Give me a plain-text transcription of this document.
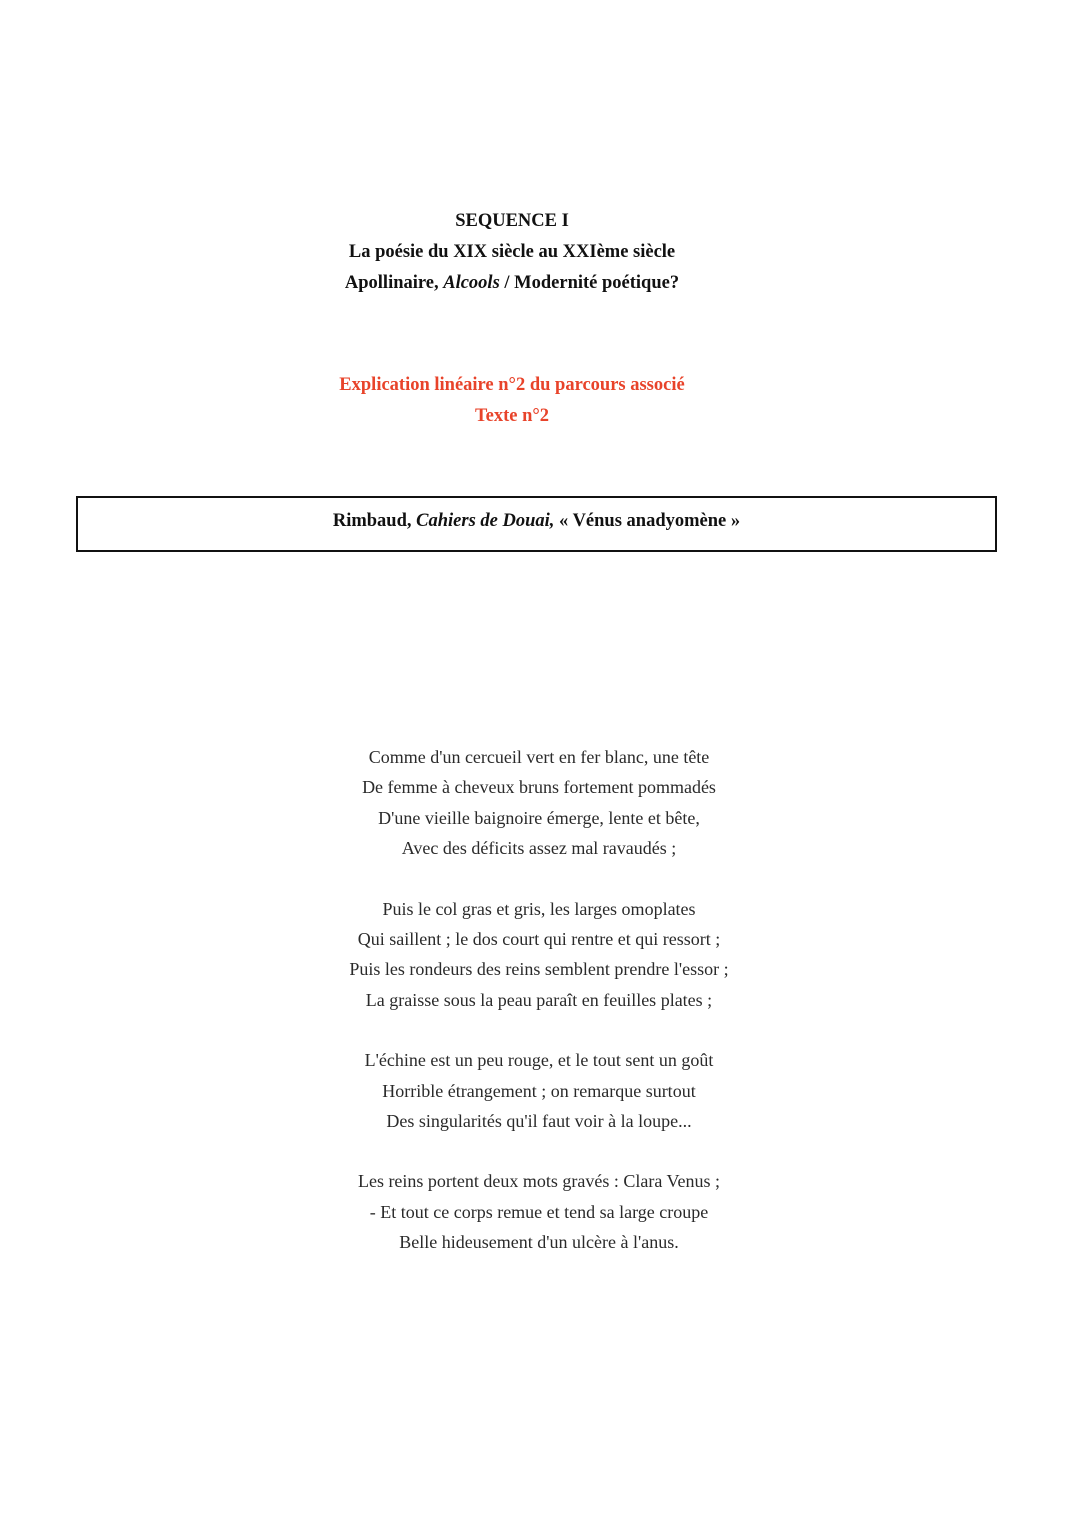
SEQUENCE I
La poésie du XIX siècle au XXIème siècle
Apollinaire, Alcools / Modernité poétique?
Explication linéaire n°2 du parcours associé
Texte n°2
Rimbaud, Cahiers de Douai, « Vénus anadyomène »
Comme d'un cercueil vert en fer blanc, une tête
De femme à cheveux bruns fortement pommadés
D'une vieille baignoire émerge, lente et bête,
Avec des déficits assez mal ravaudés ;
Puis le col gras et gris, les larges omoplates
Qui saillent ; le dos court qui rentre et qui ressort ;
Puis les rondeurs des reins semblent prendre l'essor ;
La graisse sous la peau paraît en feuilles plates ;
L'échine est un peu rouge, et le tout sent un goût
Horrible étrangement ; on remarque surtout
Des singularités qu'il faut voir à la loupe...
Les reins portent deux mots gravés : Clara Venus ;
- Et tout ce corps remue et tend sa large croupe
Belle hideusement d'un ulcère à l'anus.
